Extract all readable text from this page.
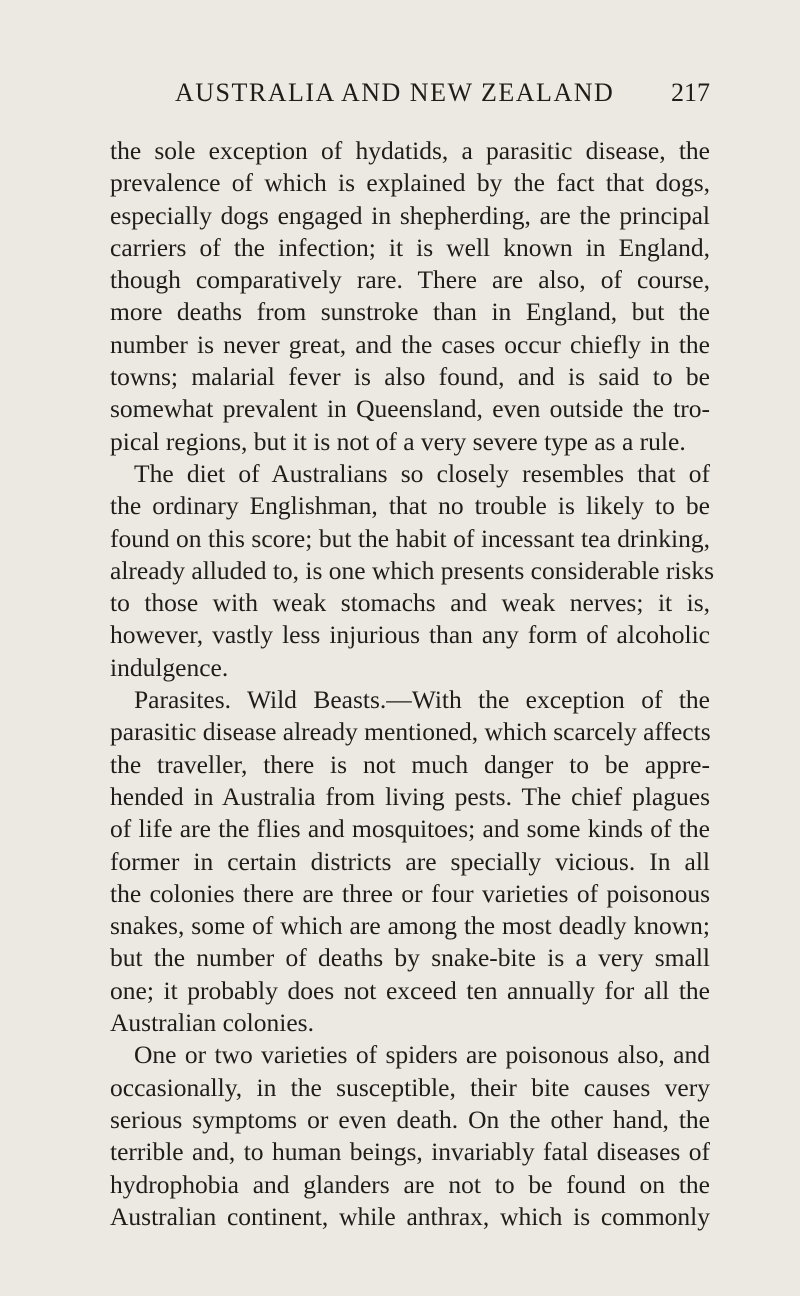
AUSTRALIA AND NEW ZEALAND 217
the sole exception of hydatids, a parasitic disease, the
prevalence of which is explained by the fact that dogs,
especially dogs engaged in shepherding, are the principal
carriers of the infection; it is well known in England,
though comparatively rare. There are also, of course,
more deaths from sunstroke than in England, but the
number is never great, and the cases occur chiefly in the
towns; malarial fever is also found, and is said to be
somewhat prevalent in Queensland, even outside the tro-
pical regions, but it is not of a very severe type as a rule.
The diet of Australians so closely resembles that of
the ordinary Englishman, that no trouble is likely to be
found on this score; but the habit of incessant tea drinking,
already alluded to, is one which presents considerable risks
to those with weak stomachs and weak nerves; it is,
however, vastly less injurious than any form of alcoholic
indulgence.
Parasites. Wild Beasts.—With the exception of the
parasitic disease already mentioned, which scarcely affects
the traveller, there is not much danger to be appre-
hended in Australia from living pests. The chief plagues
of life are the flies and mosquitoes; and some kinds of the
former in certain districts are specially vicious. In all
the colonies there are three or four varieties of poisonous
snakes, some of which are among the most deadly known;
but the number of deaths by snake-bite is a very small
one; it probably does not exceed ten annually for all the
Australian colonies.
One or two varieties of spiders are poisonous also, and
occasionally, in the susceptible, their bite causes very
serious symptoms or even death. On the other hand, the
terrible and, to human beings, invariably fatal diseases of
hydrophobia and glanders are not to be found on the
Australian continent, while anthrax, which is commonly
